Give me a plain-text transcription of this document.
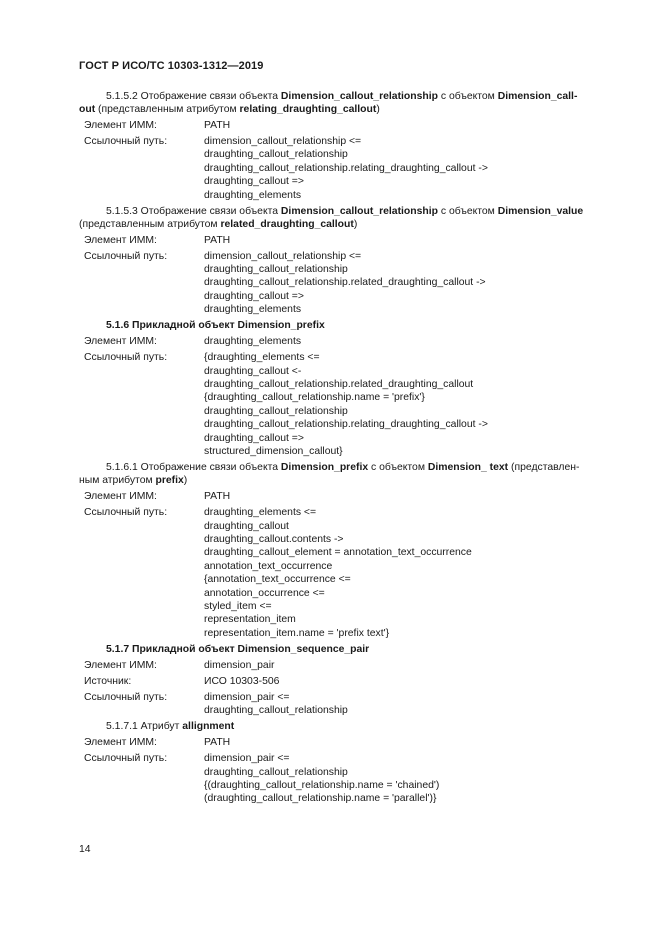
ГОСТ Р ИСО/ТС 10303-1312—2019
5.1.5.2 Отображение связи объекта Dimension_callout_relationship с объектом Dimension_call-
out (представленным атрибутом relating_draughting_callout)
Элемент ИММ:	PATH
Ссылочный путь:	dimension_callout_relationship <=
draughting_callout_relationship
draughting_callout_relationship.relating_draughting_callout ->
draughting_callout =>
draughting_elements
5.1.5.3 Отображение связи объекта Dimension_callout_relationship с объектом Dimension_value
(представленным атрибутом related_draughting_callout)
Элемент ИММ:	PATH
Ссылочный путь:	dimension_callout_relationship <=
draughting_callout_relationship
draughting_callout_relationship.related_draughting_callout ->
draughting_callout =>
draughting_elements
5.1.6 Прикладной объект Dimension_prefix
Элемент ИММ:	draughting_elements
Ссылочный путь:	{draughting_elements <=
draughting_callout <-
draughting_callout_relationship.related_draughting_callout
{draughting_callout_relationship.name = 'prefix'}
draughting_callout_relationship
draughting_callout_relationship.relating_draughting_callout ->
draughting_callout =>
structured_dimension_callout}
5.1.6.1 Отображение связи объекта Dimension_prefix с объектом Dimension_ text (представлен-
ным атрибутом prefix)
Элемент ИММ:	PATH
Ссылочный путь:	draughting_elements <=
draughting_callout
draughting_callout.contents ->
draughting_callout_element = annotation_text_occurrence
annotation_text_occurrence
{annotation_text_occurrence <=
annotation_occurrence <=
styled_item <=
representation_item
representation_item.name = 'prefix text'}
5.1.7 Прикладной объект Dimension_sequence_pair
Элемент ИММ:	dimension_pair
Источник:	ИСО 10303-506
Ссылочный путь:	dimension_pair <=
draughting_callout_relationship
5.1.7.1 Атрибут allignment
Элемент ИММ:	PATH
Ссылочный путь:	dimension_pair <=
draughting_callout_relationship
{(draughting_callout_relationship.name = 'chained')
(draughting_callout_relationship.name = 'parallel')}
14
